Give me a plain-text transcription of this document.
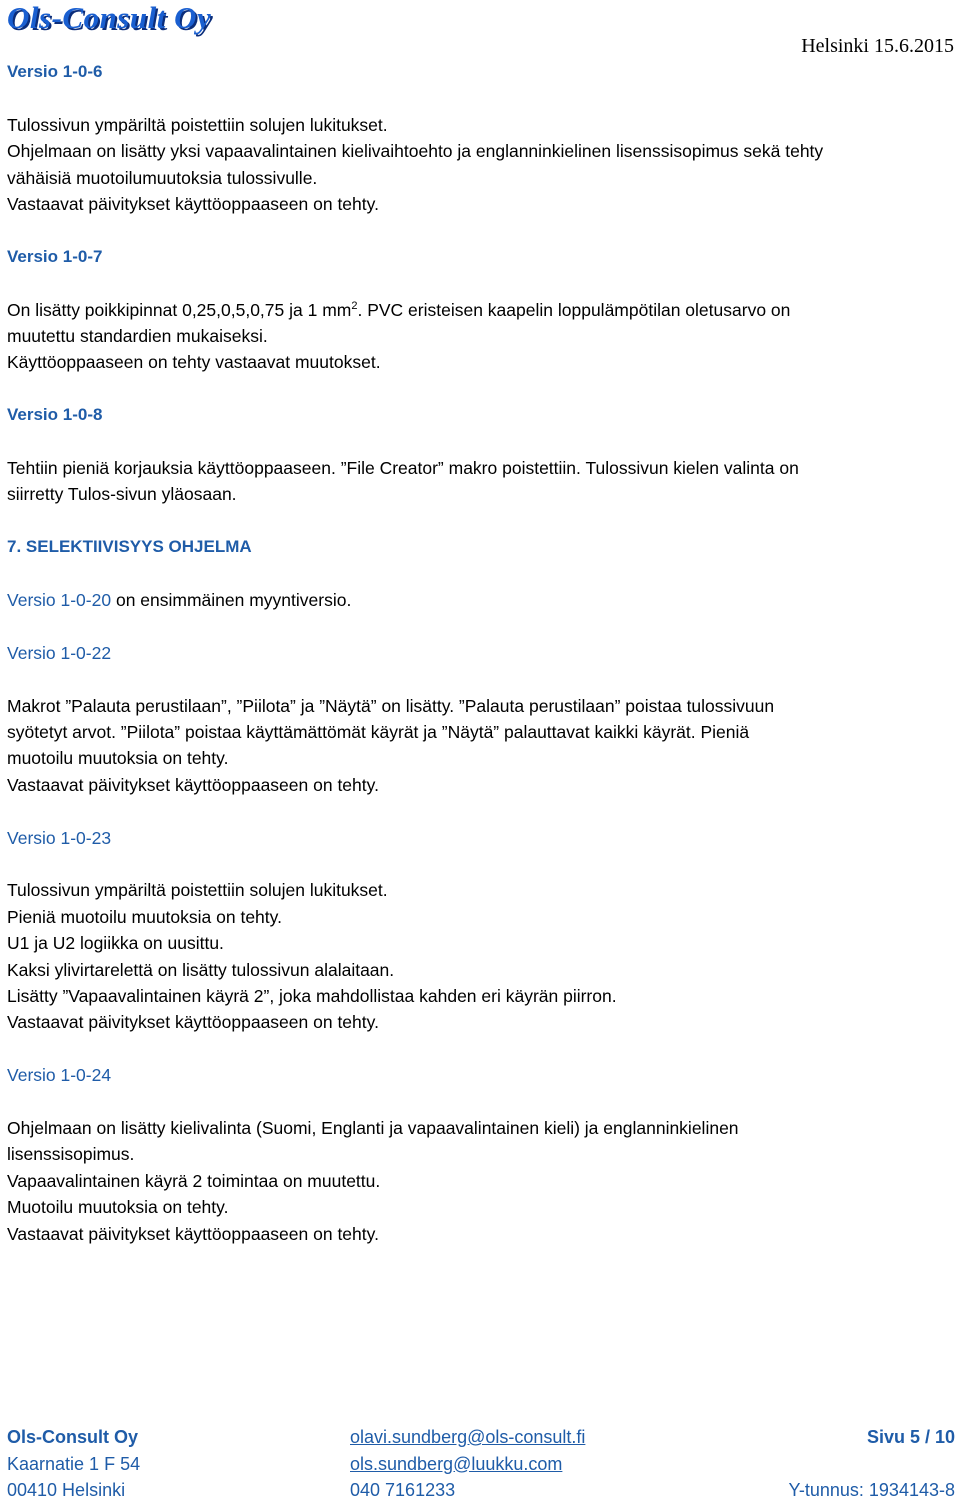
Ols-Consult Oy
Helsinki 15.6.2015
Versio 1-0-6
Tulossivun ympäriltä poistettiin solujen lukitukset.
Ohjelmaan on lisätty yksi vapaavalintainen kielivaihtoehto ja englanninkielinen lisenssisopimus sekä tehty
vähäisiä muotoilumuutoksia tulossivulle.
Vastaavat päivitykset käyttöoppaaseen on tehty.
Versio 1-0-7
On lisätty poikkipinnat 0,25,0,5,0,75 ja 1 $mm^2$. PVC eristeisen kaapelin loppulämpötilan oletusarvo on
muutettu standardien mukaiseksi.
Käyttöoppaaseen on tehty vastaavat muutokset.
Versio 1-0-8
Tehtiin pieniä korjauksia käyttöoppaaseen. ”File Creator” makro poistettiin. Tulossivun kielen valinta on
siirretty Tulos-sivun yläosaan.
7. SELEKTIIVISYYS OHJELMA
Versio 1-0-20 on ensimmäinen myyntiversio.
Versio 1-0-22
Makrot ”Palauta perustilaan”, ”Piilota” ja ”Näytä” on lisätty. ”Palauta perustilaan” poistaa tulossivuun
syötetyt arvot. ”Piilota” poistaa käyttämättömät käyrät ja ”Näytä” palauttavat kaikki käyrät. Pieniä
muotoilu muutoksia on tehty.
Vastaavat päivitykset käyttöoppaaseen on tehty.
Versio 1-0-23
Tulossivun ympäriltä poistettiin solujen lukitukset.
Pieniä muotoilu muutoksia on tehty.
U1 ja U2 logiikka on uusittu.
Kaksi ylivirtarelettä on lisätty tulossivun alalaitaan.
Lisätty ”Vapaavalintainen käyrä 2”, joka mahdollistaa kahden eri käyrän piirron.
Vastaavat päivitykset käyttöoppaaseen on tehty.
Versio 1-0-24
Ohjelmaan on lisätty kielivalinta (Suomi, Englanti ja vapaavalintainen kieli) ja englanninkielinen
lisenssisopimus.
Vapaavalintainen käyrä 2 toimintaa on muutettu.
Muotoilu muutoksia on tehty.
Vastaavat päivitykset käyttöoppaaseen on tehty.
Ols-Consult Oy
Kaarnatie 1 F 54
00410 Helsinki
olavi.sundberg@ols-consult.fi
ols.sundberg@luukku.com
040 7161233
Sivu 5 / 10

Y-tunnus: 1934143-8
